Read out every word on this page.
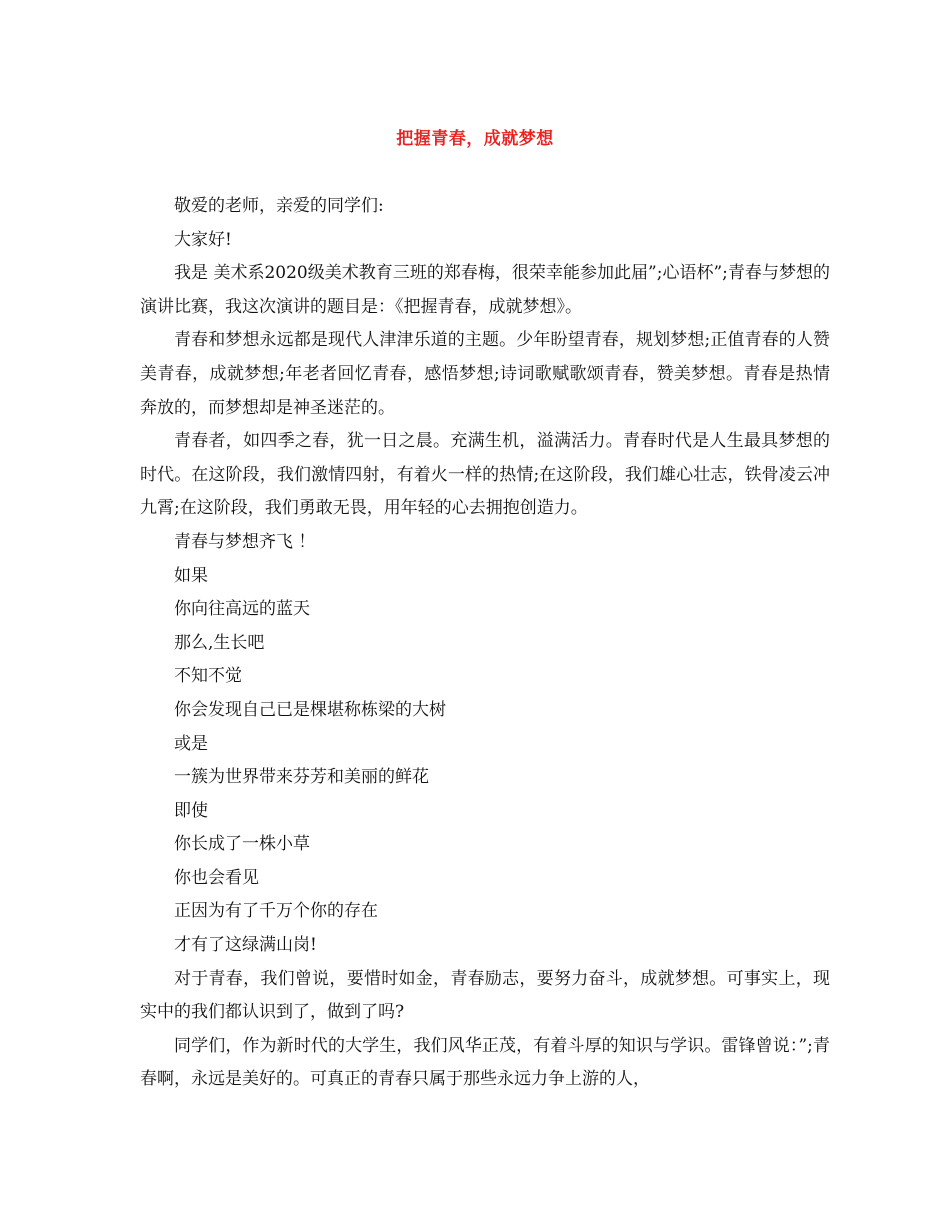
把握青春，成就梦想

敬爱的老师，亲爱的同学们:

大家好!

我是 美术系2020级美术教育三班的郑春梅，很荣幸能参加此届”;心语杯”;青春与梦想的演讲比赛，我这次演讲的题目是：《把握青春，成就梦想》。

青春和梦想永远都是现代人津津乐道的主题。少年盼望青春，规划梦想;正值青春的人赞美青春，成就梦想;年老者回忆青春，感悟梦想;诗词歌赋歌颂青春，赞美梦想。青春是热情奔放的，而梦想却是神圣迷茫的。

青春者，如四季之春，犹一日之晨。充满生机，溢满活力。青春时代是人生最具梦想的时代。在这阶段，我们激情四射，有着火一样的热情;在这阶段，我们雄心壮志，铁骨凌云冲九霄;在这阶段，我们勇敢无畏，用年轻的心去拥抱创造力。

青春与梦想齐飞 ！

如果

你向往高远的蓝天

那么,生长吧

不知不觉

你会发现自己已是棵堪称栋梁的大树

或是

一簇为世界带来芬芳和美丽的鲜花

即使

你长成了一株小草

你也会看见

正因为有了千万个你的存在

才有了这绿满山岗!

对于青春，我们曾说，要惜时如金，青春励志，要努力奋斗，成就梦想。可事实上，现实中的我们都认识到了，做到了吗?

同学们，作为新时代的大学生，我们风华正茂，有着斗厚的知识与学识。雷锋曾说：”;青春啊，永远是美好的。可真正的青春只属于那些永远力争上游的人，
